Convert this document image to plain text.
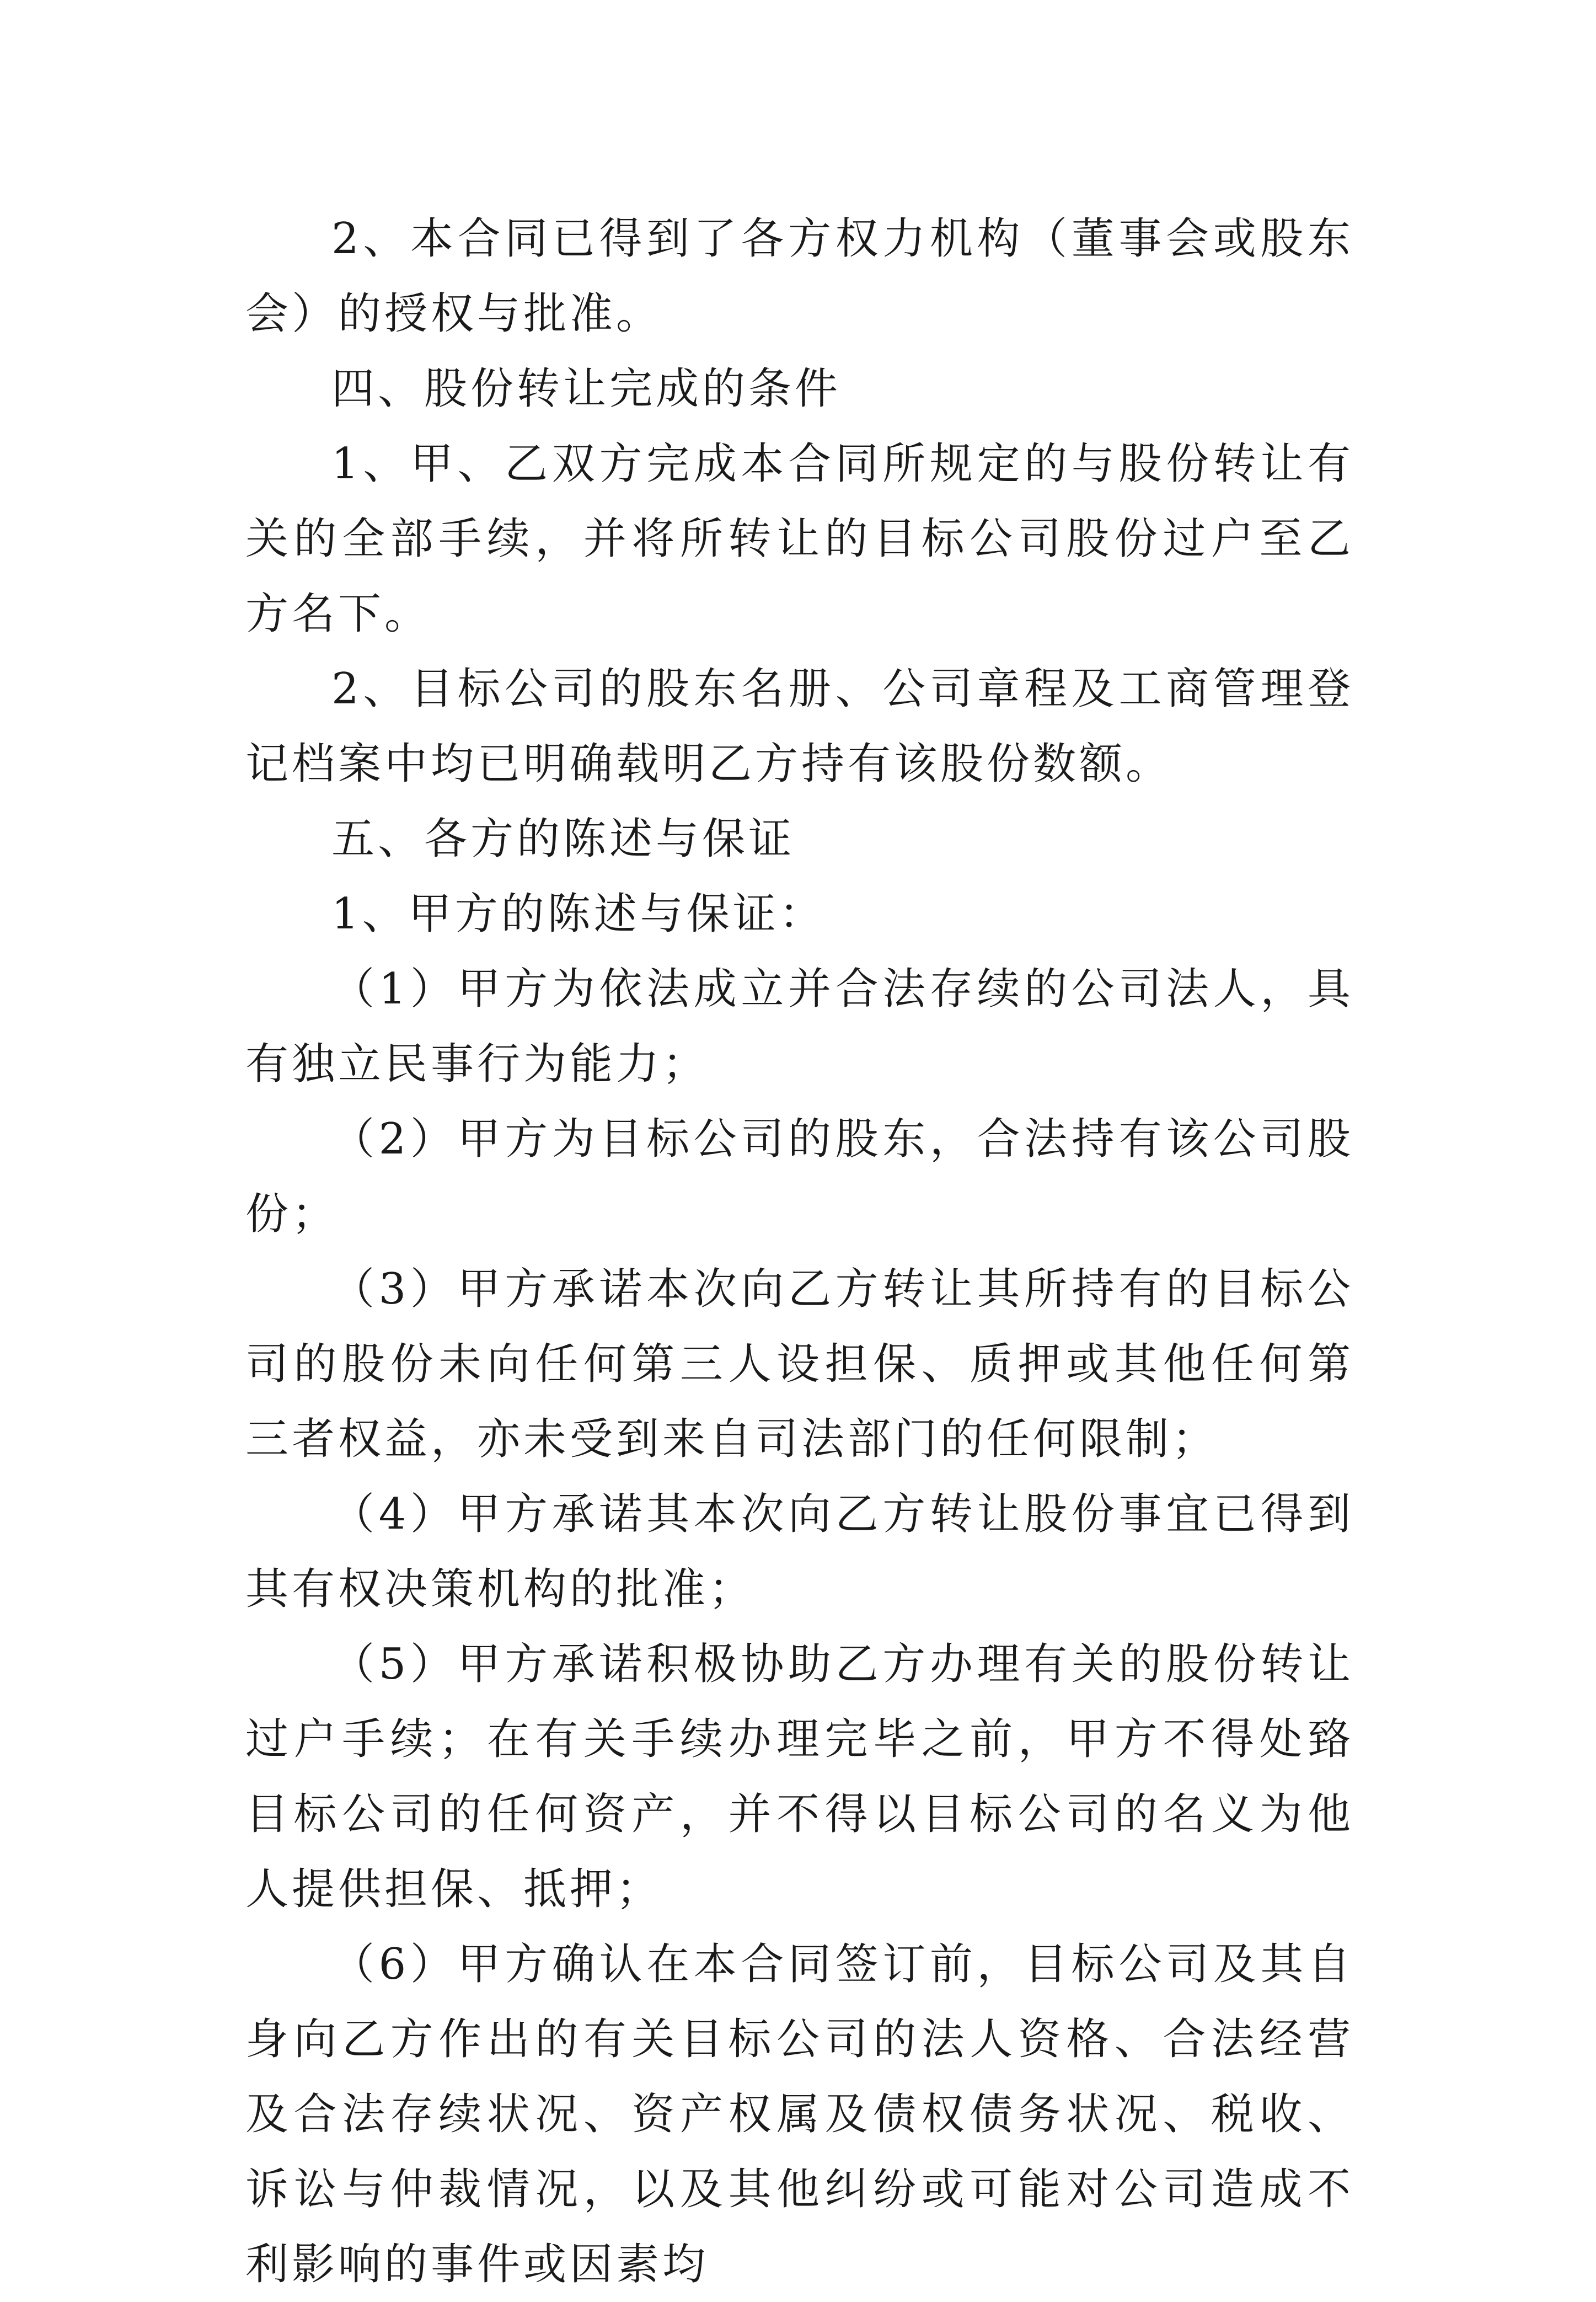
2、本合同已得到了各方权力机构（董事会或股东会）的授权与批准。

四、股份转让完成的条件

1、甲、乙双方完成本合同所规定的与股份转让有关的全部手续，并将所转让的目标公司股份过户至乙方名下。

2、目标公司的股东名册、公司章程及工商管理登记档案中均已明确载明乙方持有该股份数额。

五、各方的陈述与保证

1、甲方的陈述与保证：

（1）甲方为依法成立并合法存续的公司法人，具有独立民事行为能力；

（2）甲方为目标公司的股东，合法持有该公司股份；

（3）甲方承诺本次向乙方转让其所持有的目标公司的股份未向任何第三人设担保、质押或其他任何第三者权益，亦未受到来自司法部门的任何限制；

（4）甲方承诺其本次向乙方转让股份事宜已得到其有权决策机构的批准；

（5）甲方承诺积极协助乙方办理有关的股份转让过户手续；在有关手续办理完毕之前，甲方不得处臵目标公司的任何资产，并不得以目标公司的名义为他人提供担保、抵押；

（6）甲方确认在本合同签订前，目标公司及其自身向乙方作出的有关目标公司的法人资格、合法经营及合法存续状况、资产权属及债权债务状况、税收、诉讼与仲裁情况，以及其他纠纷或可能对公司造成不利影响的事件或因素均
